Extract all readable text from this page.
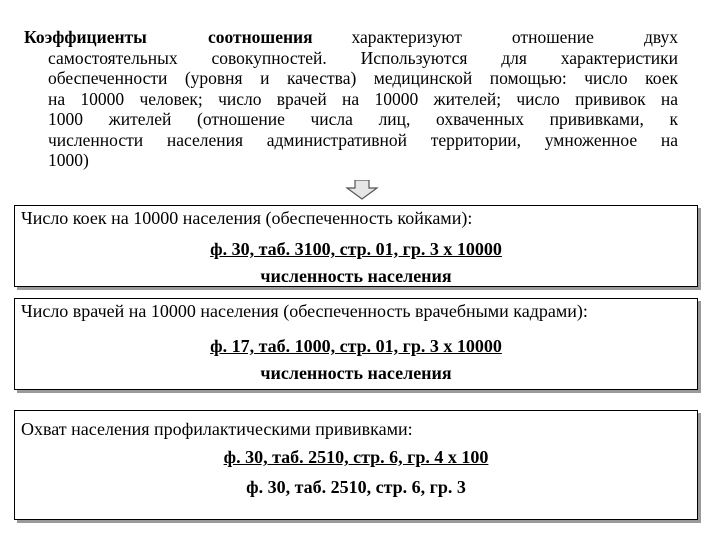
Коэффициенты	соотношения характеризуют	отношение	двух
самостоятельных совокупностей. Используются для характеристики
обеспеченности (уровня и качества) медицинской помощью: число коек
на 10000 человек; число врачей на 10000 жителей; число прививок на
1000 жителей (отношение числа лиц, охваченных прививками, к
численности населения административной территории, умноженное на
1000)
Число коек на 10000 населения (обеспеченность койками):
ф. 30, таб. 3100, стр. 01, гр. 3 х 10000
численность населения
Число врачей на 10000 населения (обеспеченность врачебными кадрами):
ф. 17, таб. 1000, стр. 01, гр. 3 х 10000
численность населения
Охват населения профилактическими прививками:
ф. 30, таб. 2510, стр. 6, гр. 4 х 100
ф. 30, таб. 2510, стр. 6, гр. 3
